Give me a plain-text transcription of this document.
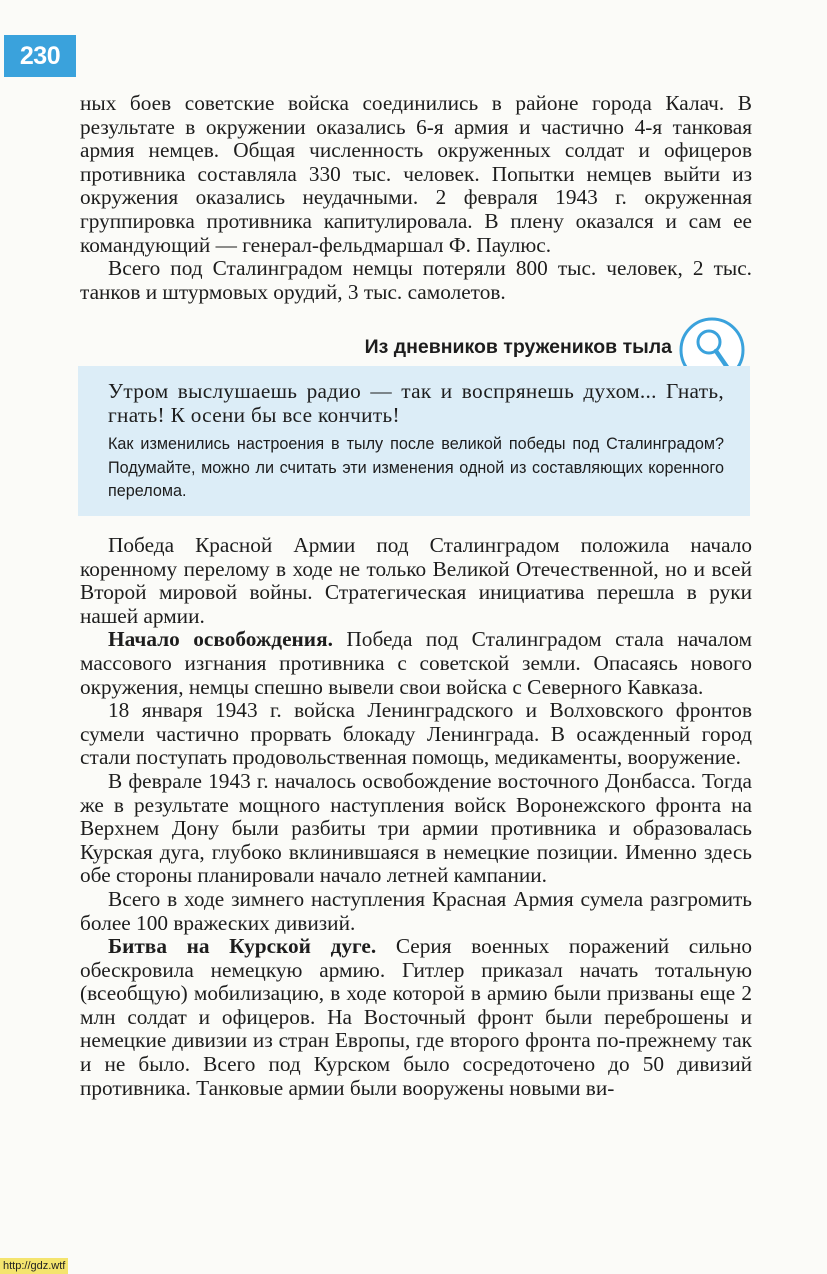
230

ных боев советские войска соединились в районе города Калач. В результате в окружении оказались 6-я армия и частично 4-я танковая армия немцев. Общая численность окруженных солдат и офицеров противника составляла 330 тыс. человек. Попытки немцев выйти из окружения оказались неудачными. 2 февраля 1943 г. окруженная группировка противника капитулировала. В плену оказался и сам ее командующий — генерал-фельдмаршал Ф. Паулюс.

Всего под Сталинградом немцы потеряли 800 тыс. человек, 2 тыс. танков и штурмовых орудий, 3 тыс. самолетов.

Из дневников тружеников тыла
Утром выслушаешь радио — так и воспрянешь духом... Гнать, гнать! К осени бы все кончить!
Как изменились настроения в тылу после великой победы под Сталинградом? Подумайте, можно ли считать эти изменения одной из составляющих коренного перелома.

Победа Красной Армии под Сталинградом положила начало коренному перелому в ходе не только Великой Отечественной, но и всей Второй мировой войны. Стратегическая инициатива перешла в руки нашей армии.

Начало освобождения. Победа под Сталинградом стала началом массового изгнания противника с советской земли. Опасаясь нового окружения, немцы спешно вывели свои войска с Северного Кавказа.

18 января 1943 г. войска Ленинградского и Волховского фронтов сумели частично прорвать блокаду Ленинграда. В осажденный город стали поступать продовольственная помощь, медикаменты, вооружение.

В феврале 1943 г. началось освобождение восточного Донбасса. Тогда же в результате мощного наступления войск Воронежского фронта на Верхнем Дону были разбиты три армии противника и образовалась Курская дуга, глубоко вклинившаяся в немецкие позиции. Именно здесь обе стороны планировали начало летней кампании.

Всего в ходе зимнего наступления Красная Армия сумела разгромить более 100 вражеских дивизий.

Битва на Курской дуге. Серия военных поражений сильно обескровила немецкую армию. Гитлер приказал начать тотальную (всеобщую) мобилизацию, в ходе которой в армию были призваны еще 2 млн солдат и офицеров. На Восточный фронт были переброшены и немецкие дивизии из стран Европы, где второго фронта по-прежнему так и не было. Всего под Курском было сосредоточено до 50 дивизий противника. Танковые армии были вооружены новыми ви-

http://gdz.wtf
